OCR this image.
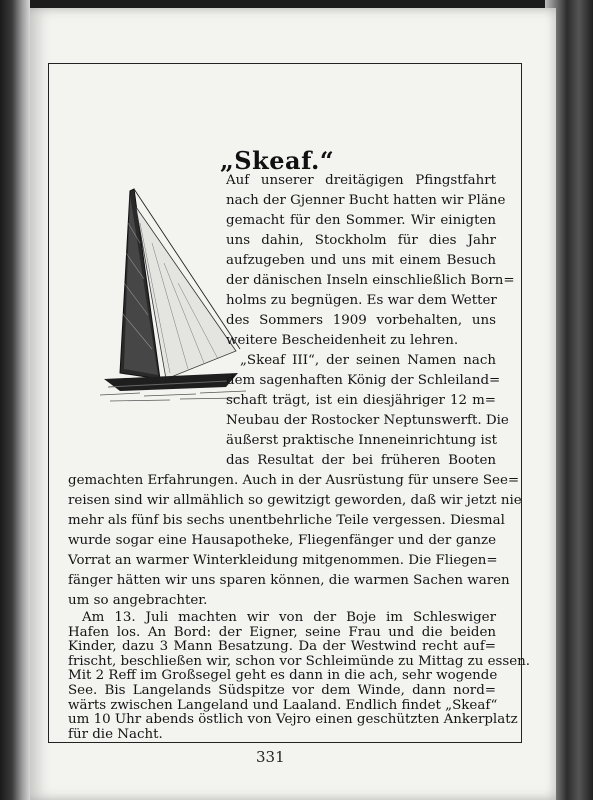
„Skeaf.“
Auf unserer dreitägigen Pfingstfahrt
nach der Gjenner Bucht hatten wir Pläne
gemacht für den Sommer. Wir einigten
uns dahin, Stockholm für dies Jahr
aufzugeben und uns mit einem Besuch
der dänischen Inseln einschließlich Born=
holms zu begnügen. Es war dem Wetter
des Sommers 1909 vorbehalten, uns
weitere Bescheidenheit zu lehren.
„Skeaf III“, der seinen Namen nach
dem sagenhaften König der Schleiland=
schaft trägt, ist ein diesjähriger 12 m=
Neubau der Rostocker Neptunswerft. Die
äußerst praktische Inneneinrichtung ist
das Resultat der bei früheren Booten
gemachten Erfahrungen. Auch in der Ausrüstung für unsere See=
reisen sind wir allmählich so gewitzigt geworden, daß wir jetzt nie
mehr als fünf bis sechs unentbehrliche Teile vergessen. Diesmal
wurde sogar eine Hausapotheke, Fliegenfänger und der ganze
Vorrat an warmer Winterkleidung mitgenommen. Die Fliegen=
fänger hätten wir uns sparen können, die warmen Sachen waren
um so angebrachter.
Am 13. Juli machten wir von der Boje im Schleswiger
Hafen los. An Bord: der Eigner, seine Frau und die beiden
Kinder, dazu 3 Mann Besatzung. Da der Westwind recht auf=
frischt, beschließen wir, schon vor Schleimünde zu Mittag zu essen.
Mit 2 Reff im Großsegel geht es dann in die ach, sehr wogende
See. Bis Langelands Südspitze vor dem Winde, dann nord=
wärts zwischen Langeland und Laaland. Endlich findet „Skeaf“
um 10 Uhr abends östlich von Vejro einen geschützten Ankerplatz
für die Nacht.
331
